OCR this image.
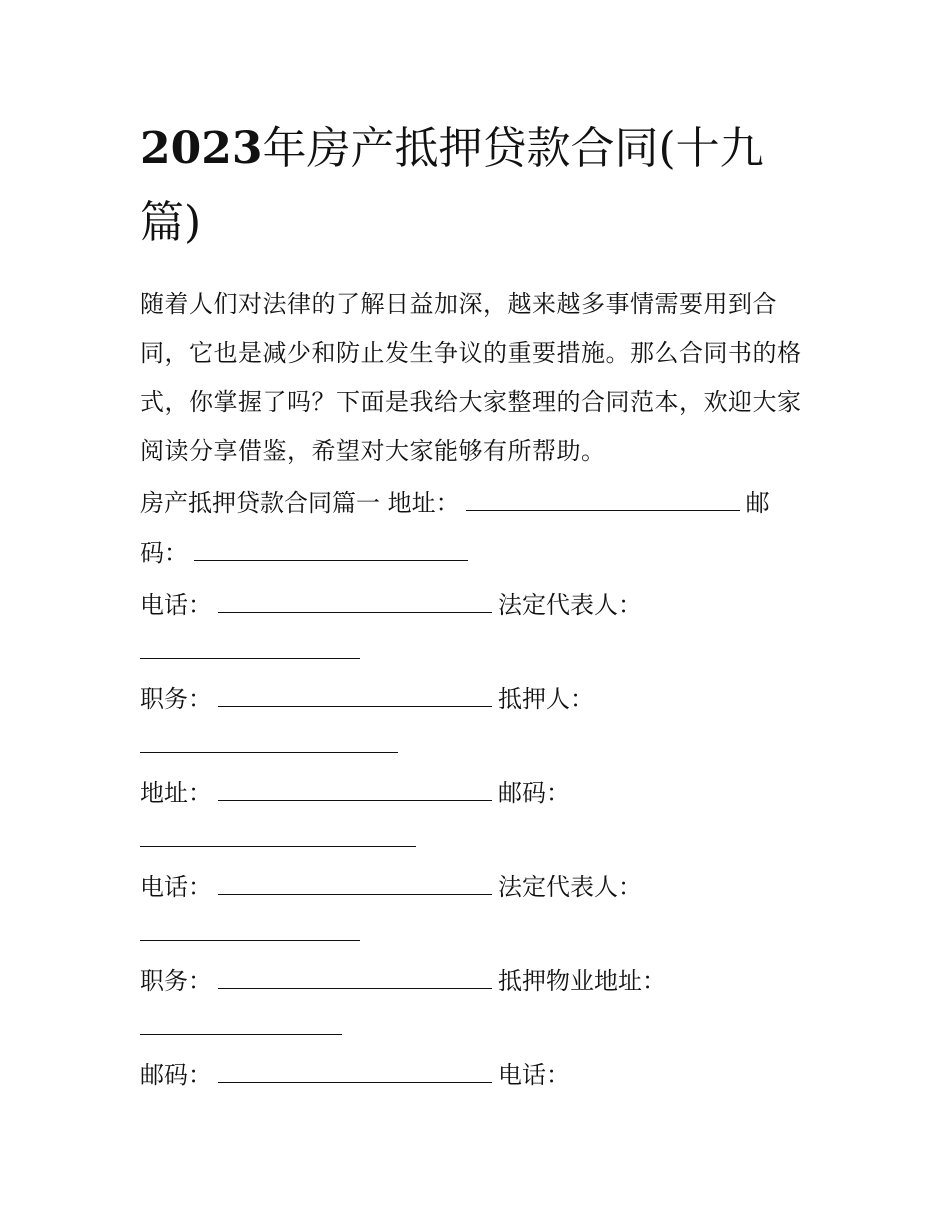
2023年房产抵押贷款合同(十九篇)

随着人们对法律的了解日益加深，越来越多事情需要用到合同，它也是减少和防止发生争议的重要措施。那么合同书的格式，你掌握了吗？下面是我给大家整理的合同范本，欢迎大家阅读分享借鉴，希望对大家能够有所帮助。

房产抵押贷款合同篇一 地址：	邮
码：
电话：	法定代表人：
职务：	抵押人：
地址：	邮码：
电话：	法定代表人：
职务：	抵押物业地址：
邮码：	电话：
